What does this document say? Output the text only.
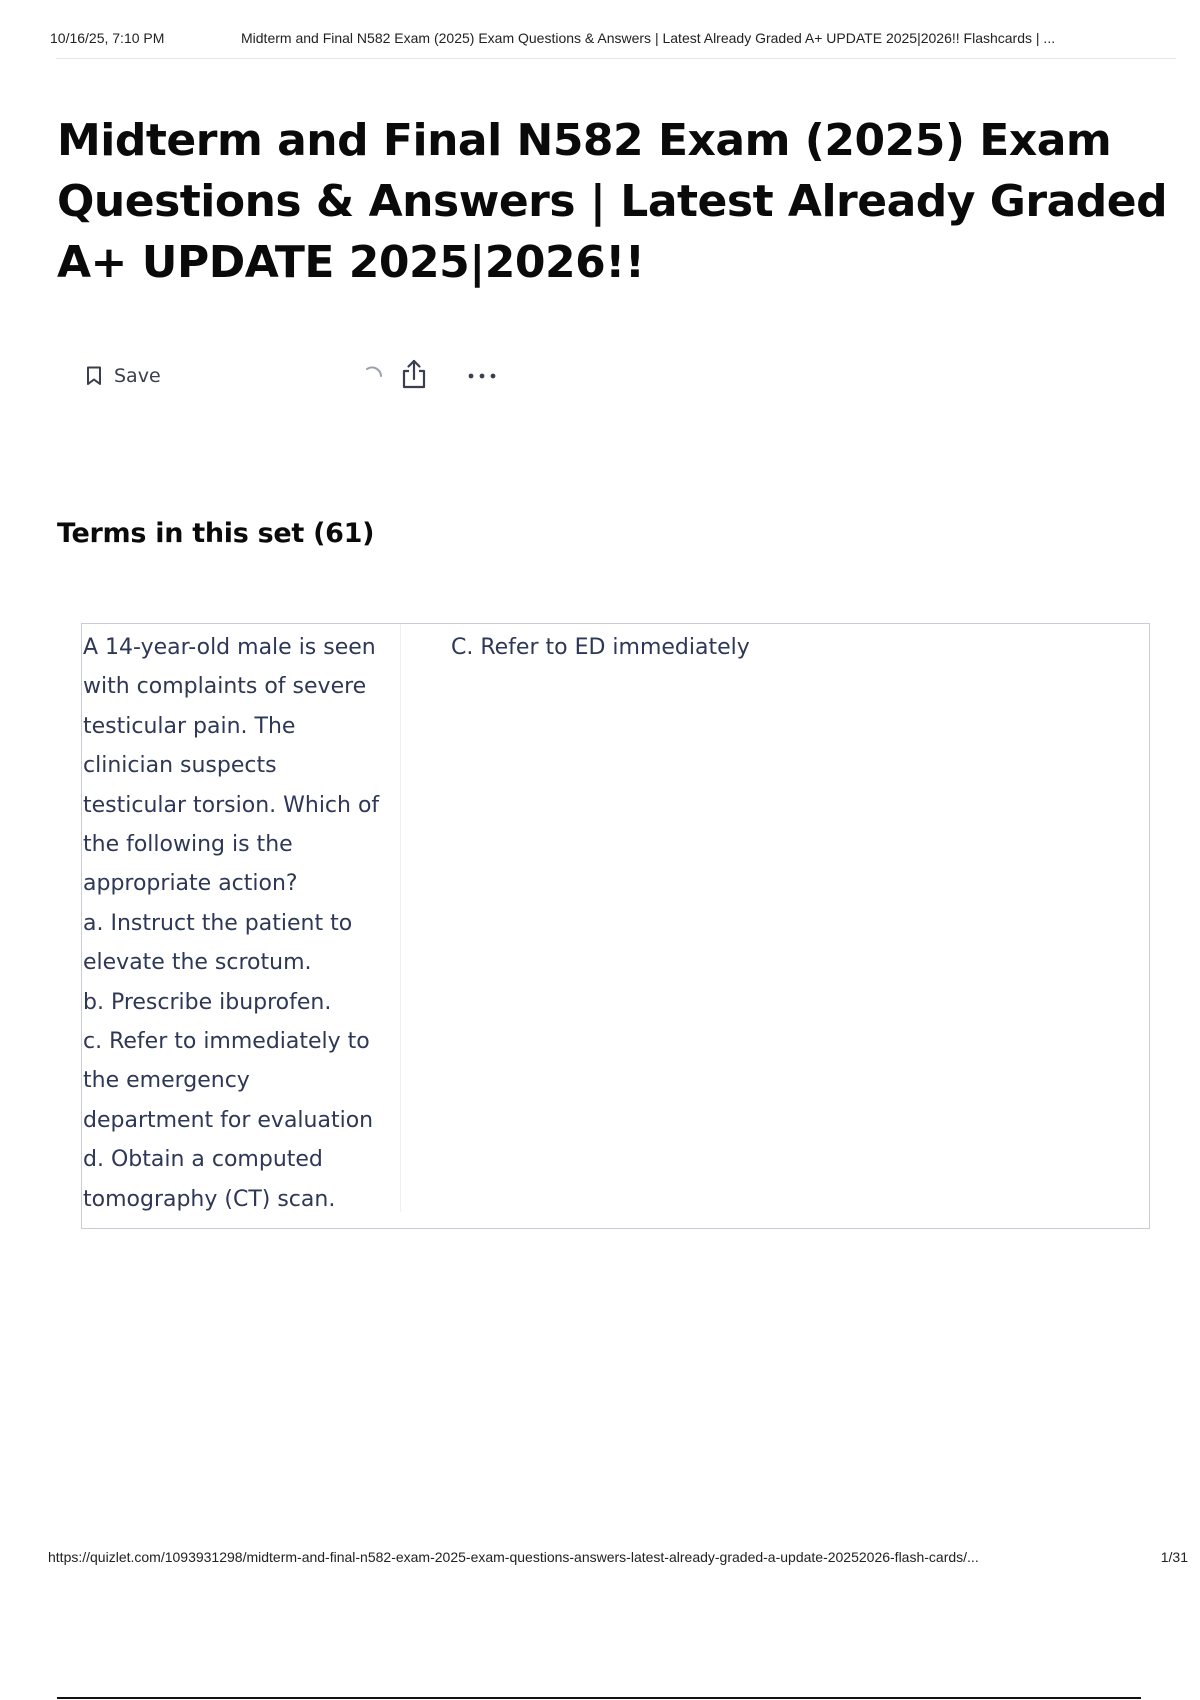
10/16/25, 7:10 PM	Midterm and Final N582 Exam (2025) Exam Questions & Answers | Latest Already Graded A+ UPDATE 2025|2026!! Flashcards | ...
Midterm and Final N582 Exam (2025) Exam Questions & Answers | Latest Already Graded A+ UPDATE 2025|2026!!
Save
Terms in this set (61)
A 14-year-old male is seen
with complaints of severe
testicular pain. The
clinician suspects
testicular torsion. Which of
the following is the
appropriate action?
a. Instruct the patient to
elevate the scrotum.
b. Prescribe ibuprofen.
c. Refer to immediately to
the emergency
department for evaluation
d. Obtain a computed
tomography (CT) scan.
C. Refer to ED immediately
https://quizlet.com/1093931298/midterm-and-final-n582-exam-2025-exam-questions-answers-latest-already-graded-a-update-20252026-flash-cards/...	1/31
